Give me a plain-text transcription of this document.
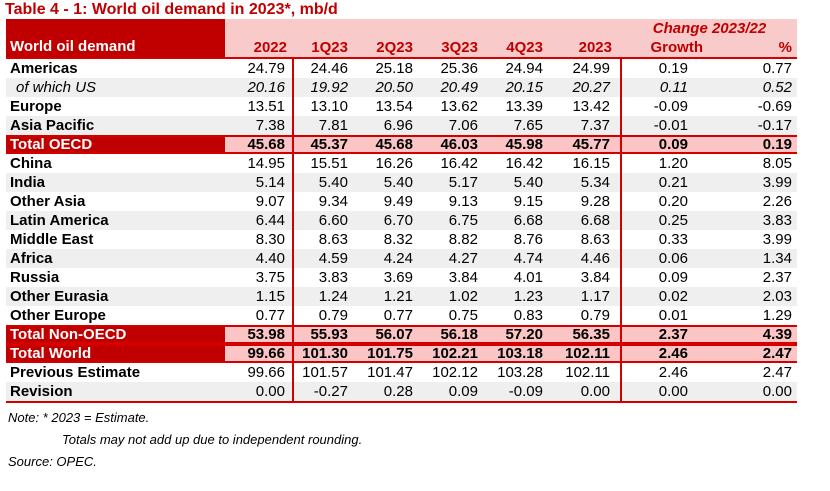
Table 4 - 1: World oil demand in 2023*, mb/d
World oil demand
Change 2023/22
2022	1Q23	2Q23	3Q23	4Q23	2023	Growth	%
Americas	24.79	24.46	25.18	25.36	24.94	24.99	0.19	0.77
of which US	20.16	19.92	20.50	20.49	20.15	20.27	0.11	0.52
Europe	13.51	13.10	13.54	13.62	13.39	13.42	-0.09	-0.69
Asia Pacific	7.38	7.81	6.96	7.06	7.65	7.37	-0.01	-0.17
Total OECD	45.68	45.37	45.68	46.03	45.98	45.77	0.09	0.19
China	14.95	15.51	16.26	16.42	16.42	16.15	1.20	8.05
India	5.14	5.40	5.40	5.17	5.40	5.34	0.21	3.99
Other Asia	9.07	9.34	9.49	9.13	9.15	9.28	0.20	2.26
Latin America	6.44	6.60	6.70	6.75	6.68	6.68	0.25	3.83
Middle East	8.30	8.63	8.32	8.82	8.76	8.63	0.33	3.99
Africa	4.40	4.59	4.24	4.27	4.74	4.46	0.06	1.34
Russia	3.75	3.83	3.69	3.84	4.01	3.84	0.09	2.37
Other Eurasia	1.15	1.24	1.21	1.02	1.23	1.17	0.02	2.03
Other Europe	0.77	0.79	0.77	0.75	0.83	0.79	0.01	1.29
Total Non-OECD	53.98	55.93	56.07	56.18	57.20	56.35	2.37	4.39
Total World	99.66	101.30	101.75	102.21	103.18	102.11	2.46	2.47
Previous Estimate	99.66	101.57	101.47	102.12	103.28	102.11	2.46	2.47
Revision	0.00	-0.27	0.28	0.09	-0.09	0.00	0.00	0.00
Note: * 2023 = Estimate.
Totals may not add up due to independent rounding.
Source: OPEC.
